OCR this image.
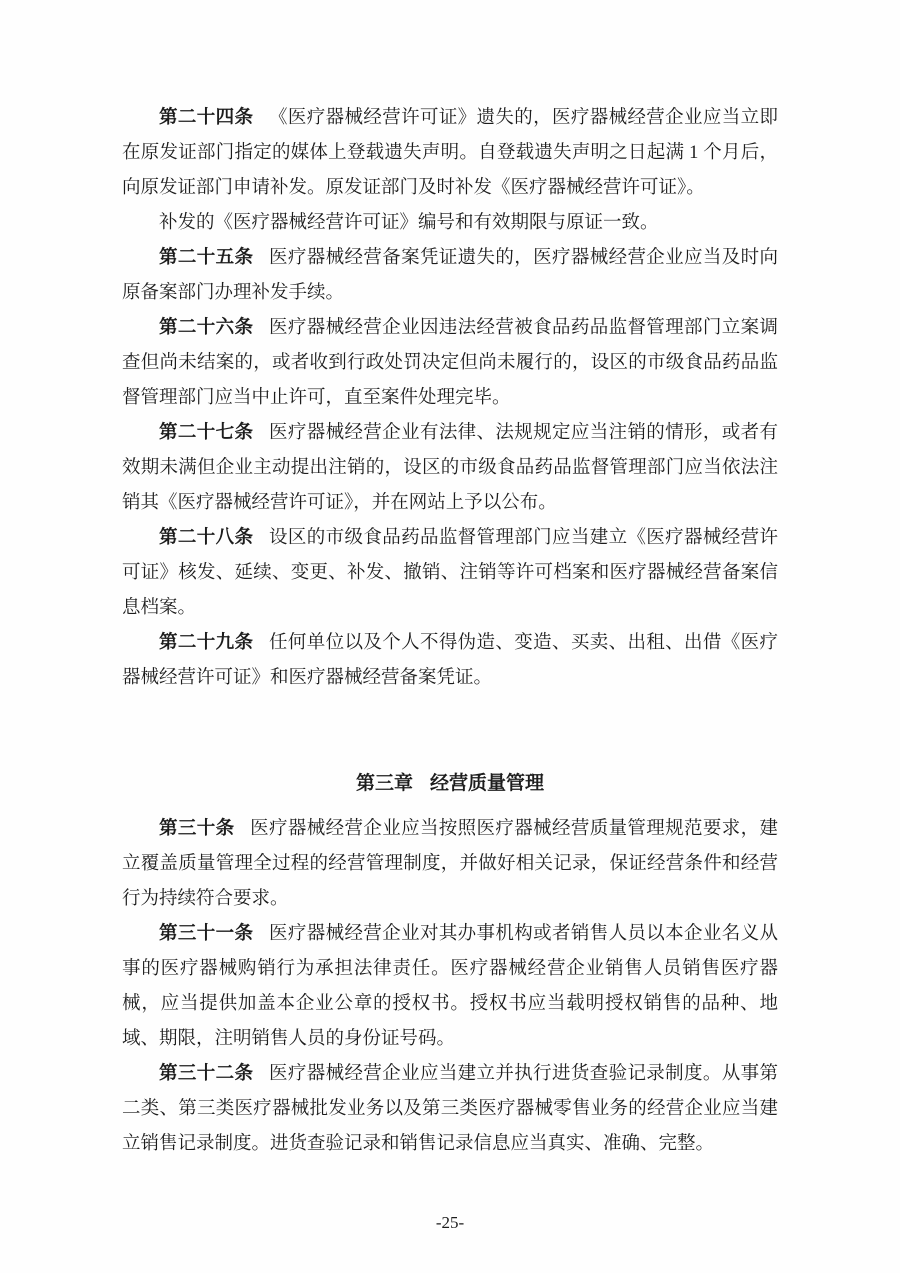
第二十四条 《医疗器械经营许可证》遗失的，医疗器械经营企业应当立即在原发证部门指定的媒体上登载遗失声明。自登载遗失声明之日起满 1 个月后，向原发证部门申请补发。原发证部门及时补发《医疗器械经营许可证》。

补发的《医疗器械经营许可证》编号和有效期限与原证一致。

第二十五条 医疗器械经营备案凭证遗失的，医疗器械经营企业应当及时向原备案部门办理补发手续。

第二十六条 医疗器械经营企业因违法经营被食品药品监督管理部门立案调查但尚未结案的，或者收到行政处罚决定但尚未履行的，设区的市级食品药品监督管理部门应当中止许可，直至案件处理完毕。

第二十七条 医疗器械经营企业有法律、法规规定应当注销的情形，或者有效期未满但企业主动提出注销的，设区的市级食品药品监督管理部门应当依法注销其《医疗器械经营许可证》，并在网站上予以公布。

第二十八条 设区的市级食品药品监督管理部门应当建立《医疗器械经营许可证》核发、延续、变更、补发、撤销、注销等许可档案和医疗器械经营备案信息档案。

第二十九条 任何单位以及个人不得伪造、变造、买卖、出租、出借《医疗器械经营许可证》和医疗器械经营备案凭证。

第三章 经营质量管理

第三十条 医疗器械经营企业应当按照医疗器械经营质量管理规范要求，建立覆盖质量管理全过程的经营管理制度，并做好相关记录，保证经营条件和经营行为持续符合要求。

第三十一条 医疗器械经营企业对其办事机构或者销售人员以本企业名义从事的医疗器械购销行为承担法律责任。医疗器械经营企业销售人员销售医疗器械，应当提供加盖本企业公章的授权书。授权书应当载明授权销售的品种、地域、期限，注明销售人员的身份证号码。

第三十二条 医疗器械经营企业应当建立并执行进货查验记录制度。从事第二类、第三类医疗器械批发业务以及第三类医疗器械零售业务的经营企业应当建立销售记录制度。进货查验记录和销售记录信息应当真实、准确、完整。

-25-
